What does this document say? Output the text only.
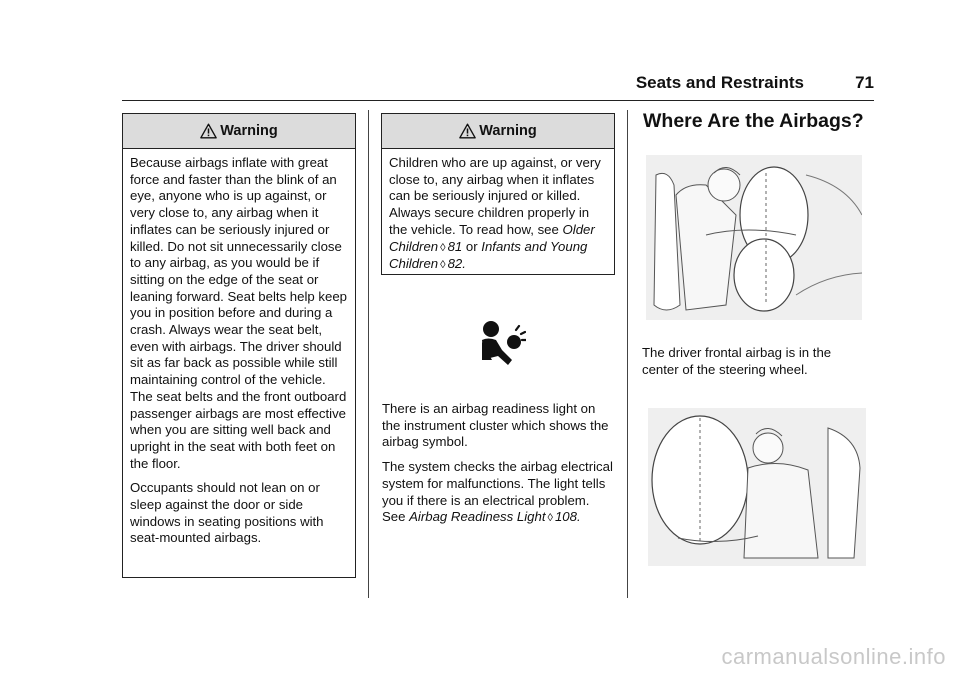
Seats and Restraints	71
Warning

Because airbags inflate with great force and faster than the blink of an eye, anyone who is up against, or very close to, any airbag when it inflates can be seriously injured or killed. Do not sit unnecessarily close to any airbag, as you would be if sitting on the edge of the seat or leaning forward. Seat belts help keep you in position before and during a crash. Always wear the seat belt, even with airbags. The driver should sit as far back as possible while still maintaining control of the vehicle. The seat belts and the front outboard passenger airbags are most effective when you are sitting well back and upright in the seat with both feet on the floor.

Occupants should not lean on or sleep against the door or side windows in seating positions with seat-mounted airbags.

Warning

Children who are up against, or very close to, any airbag when it inflates can be seriously injured or killed. Always secure children properly in the vehicle. To read how, see Older Children ◊ 81 or Infants and Young Children ◊ 82.

There is an airbag readiness light on the instrument cluster which shows the airbag symbol.

The system checks the airbag electrical system for malfunctions. The light tells you if there is an electrical problem. See Airbag Readiness Light ◊ 108.

Where Are the Airbags?
The driver frontal airbag is in the center of the steering wheel.
carmanualsonline.info
